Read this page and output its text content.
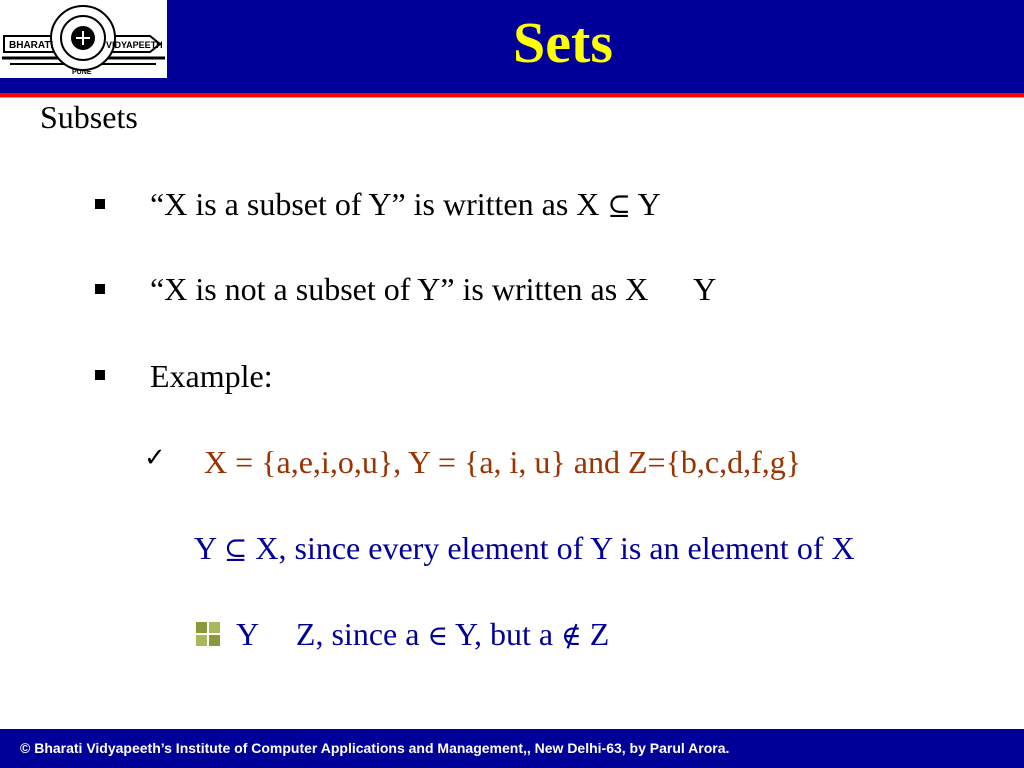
BHARATI	VIDYAPEETH
PUNE	Sets
Subsets
“X is a subset of Y” is written as X ⊆ Y
“X is not a subset of Y” is written as X Y
Example:
✓ X = {a,e,i,o,u}, Y = {a, i, u} and Z={b,c,d,f,g}
Y ⊆ X, since every element of Y is an element of X
Y Z, since a ∈ Y, but a ∉ Z
© Bharati Vidyapeeth’s Institute of Computer Applications and Management,, New Delhi-63, by Parul Arora.
